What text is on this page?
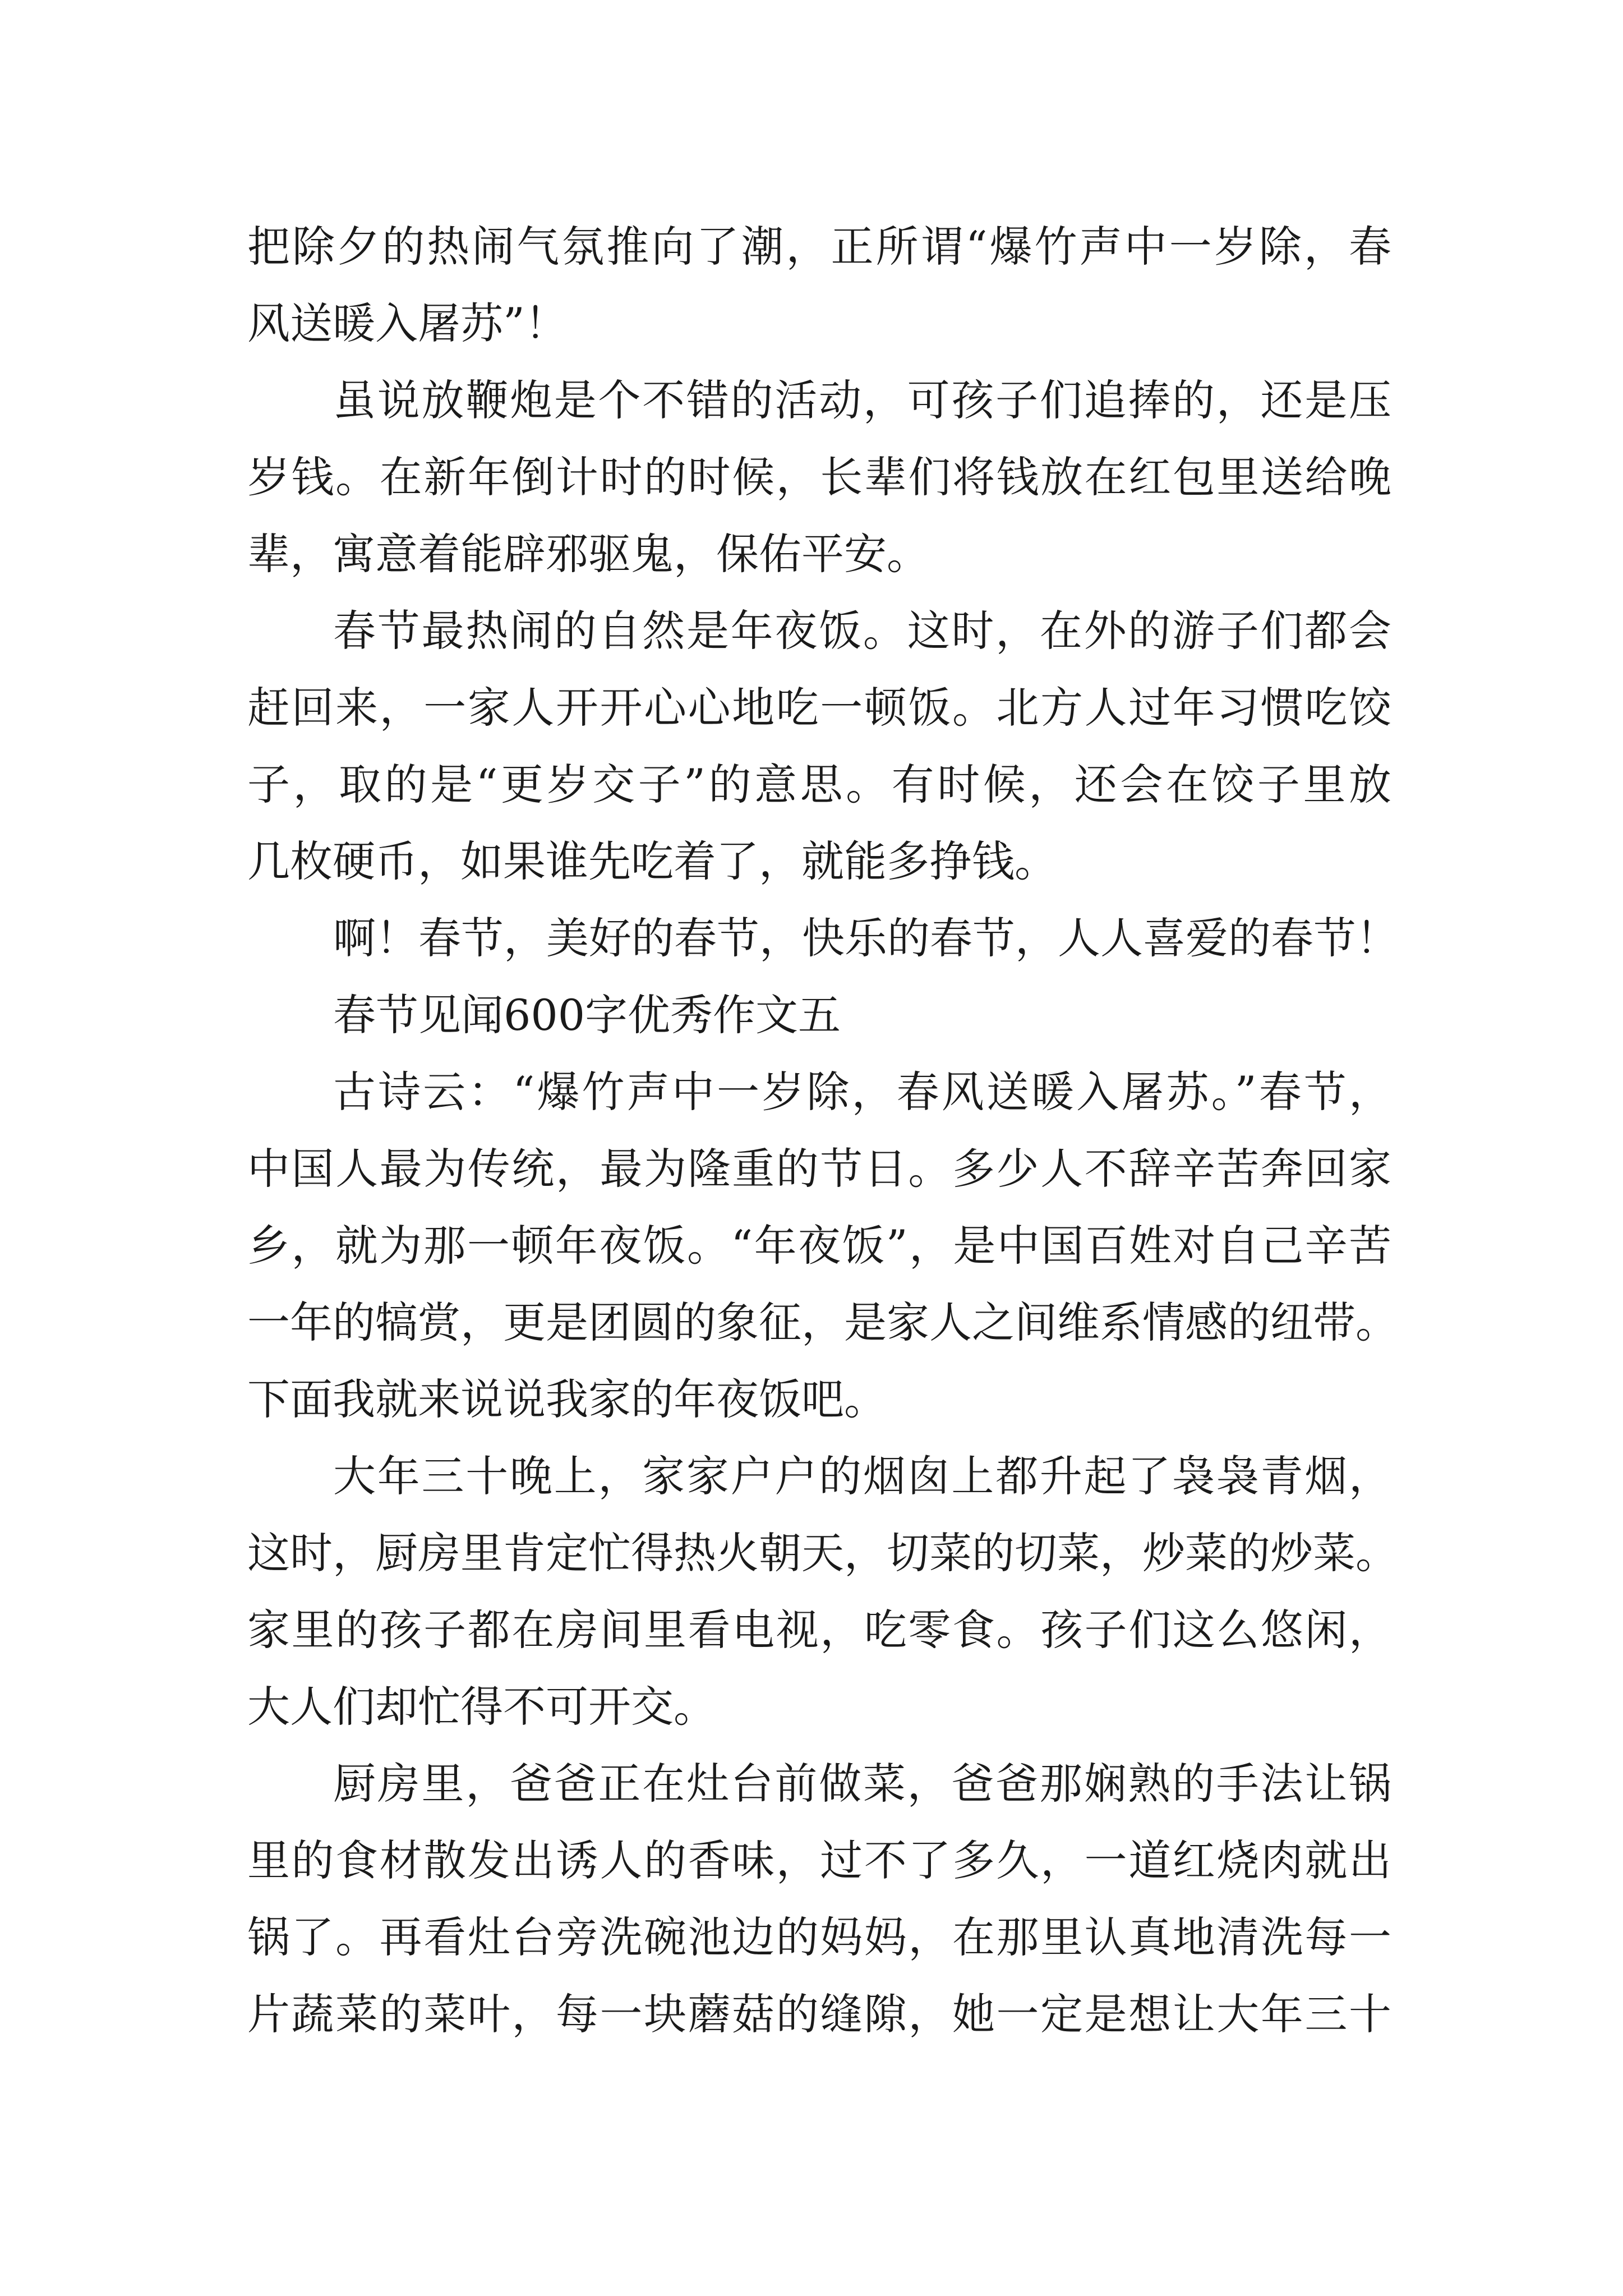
把除夕的热闹气氛推向了潮，正所谓“爆竹声中一岁除，春
风送暖入屠苏”！
虽说放鞭炮是个不错的活动，可孩子们追捧的，还是压
岁钱。在新年倒计时的时候，长辈们将钱放在红包里送给晚
辈，寓意着能辟邪驱鬼，保佑平安。
春节最热闹的自然是年夜饭。这时，在外的游子们都会
赶回来，一家人开开心心地吃一顿饭。北方人过年习惯吃饺
子，取的是“更岁交子”的意思。有时候，还会在饺子里放
几枚硬币，如果谁先吃着了，就能多挣钱。
啊！春节，美好的春节，快乐的春节，人人喜爱的春节！
春节见闻600字优秀作文五
古诗云：“爆竹声中一岁除，春风送暖入屠苏。”春节，
中国人最为传统，最为隆重的节日。多少人不辞辛苦奔回家
乡，就为那一顿年夜饭。“年夜饭”，是中国百姓对自己辛苦
一年的犒赏，更是团圆的象征，是家人之间维系情感的纽带。
下面我就来说说我家的年夜饭吧。
大年三十晚上，家家户户的烟囱上都升起了袅袅青烟，
这时，厨房里肯定忙得热火朝天，切菜的切菜，炒菜的炒菜。
家里的孩子都在房间里看电视，吃零食。孩子们这么悠闲，
大人们却忙得不可开交。
厨房里，爸爸正在灶台前做菜，爸爸那娴熟的手法让锅
里的食材散发出诱人的香味，过不了多久，一道红烧肉就出
锅了。再看灶台旁洗碗池边的妈妈，在那里认真地清洗每一
片蔬菜的菜叶，每一块蘑菇的缝隙，她一定是想让大年三十
